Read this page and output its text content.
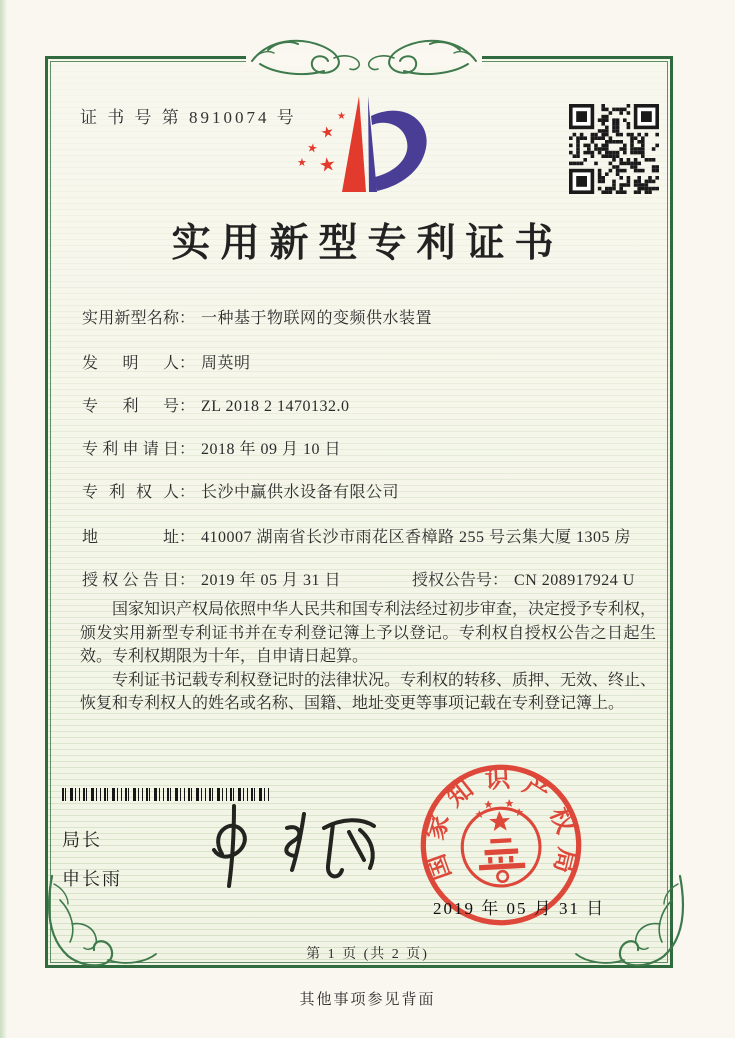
证 书 号 第 8910074 号	★
★
★
★ ★
实用新型专利证书
实用新型名称： 一种基于物联网的变频供水装置
发明人： 周英明
专利号： ZL 2018 2 1470132.0
专利申请日： 2018 年 09 月 10 日
专利权人： 长沙中赢供水设备有限公司
地址： 410007 湖南省长沙市雨花区香樟路 255 号云集大厦 1305 房
授权公告日： 2019 年 05 月 31 日	授权公告号： CN 208917924 U

国家知识产权局依照中华人民共和国专利法经过初步审查，决定授予专利权，颁发实用新型专利证书并在专利登记簿上予以登记。专利权自授权公告之日起生效。专利权期限为十年，自申请日起算。

专利证书记载专利权登记时的法律状况。专利权的转移、质押、无效、终止、恢复和专利权人的姓名或名称、国籍、地址变更等事项记载在专利登记簿上。

局长
申长雨	国家知识产权局
2019 年 05 月 31 日
第 1 页 (共 2 页)
其他事项参见背面
